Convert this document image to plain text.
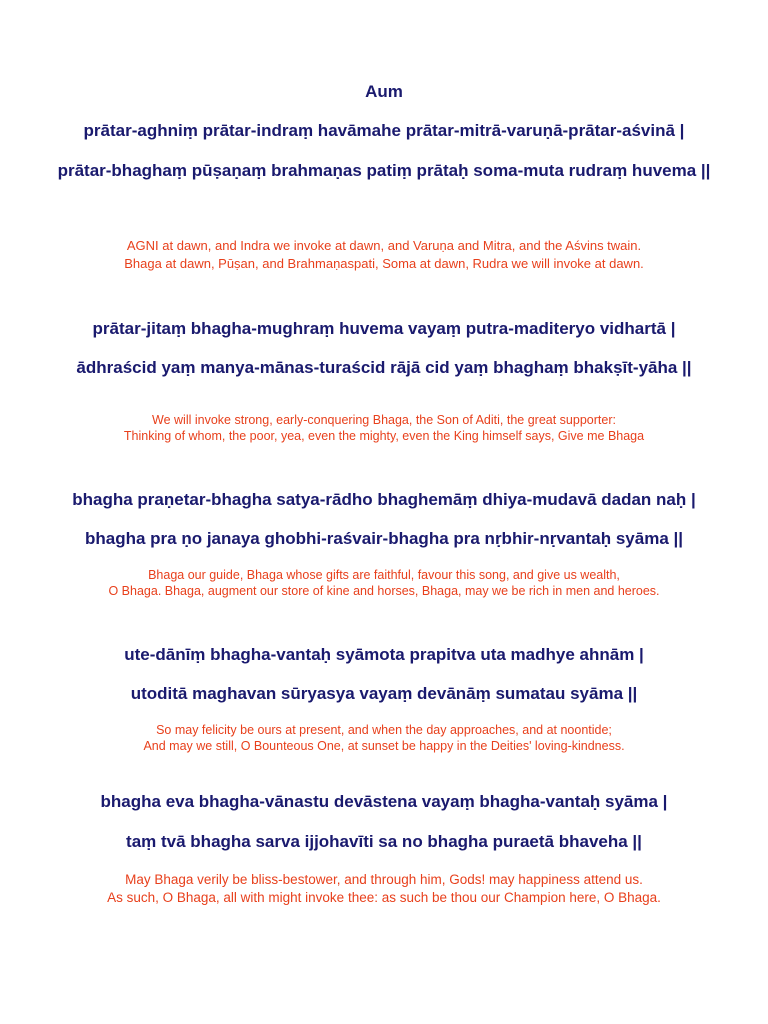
Aum
prātar-aghniṃ prātar-indraṃ havāmahe prātar-mitrā-varuṇā-prātar-aśvinā |
prātar-bhaghaṃ pūṣaṇaṃ brahmaṇas patiṃ prātaḥ soma-muta rudraṃ huvema ||
AGNI at dawn, and Indra we invoke at dawn, and Varuṇa and Mitra, and the Aśvins twain.
Bhaga at dawn, Pūṣan, and Brahmaṇaspati, Soma at dawn, Rudra we will invoke at dawn.
prātar-jitaṃ bhagha-mughraṃ huvema vayaṃ putra-maditeryo vidhartā |
ādhraścid yaṃ manya-mānas-turaścid rājā cid yaṃ bhaghaṃ bhakṣīt-yāha ||
We will invoke strong, early-conquering Bhaga, the Son of Aditi, the great supporter:
Thinking of whom, the poor, yea, even the mighty, even the King himself says, Give me Bhaga
bhagha praṇetar-bhagha satya-rādho bhaghemāṃ dhiya-mudavā dadan naḥ |
bhagha pra ṇo janaya ghobhi-raśvair-bhagha pra nṛbhir-nṛvantaḥ syāma ||
Bhaga our guide, Bhaga whose gifts are faithful, favour this song, and give us wealth,
O Bhaga. Bhaga, augment our store of kine and horses, Bhaga, may we be rich in men and heroes.
ute-dānīṃ bhagha-vantaḥ syāmota prapitva uta madhye ahnām |
utoditā maghavan sūryasya vayaṃ devānāṃ sumatau syāma ||
So may felicity be ours at present, and when the day approaches, and at noontide;
And may we still, O Bounteous One, at sunset be happy in the Deities' loving-kindness.
bhagha eva bhagha-vānastu devāstena vayaṃ bhagha-vantaḥ syāma |
taṃ tvā bhagha sarva ijjohavīti sa no bhagha puraetā bhaveha ||
May Bhaga verily be bliss-bestower, and through him, Gods! may happiness attend us.
As such, O Bhaga, all with might invoke thee: as such be thou our Champion here, O Bhaga.
